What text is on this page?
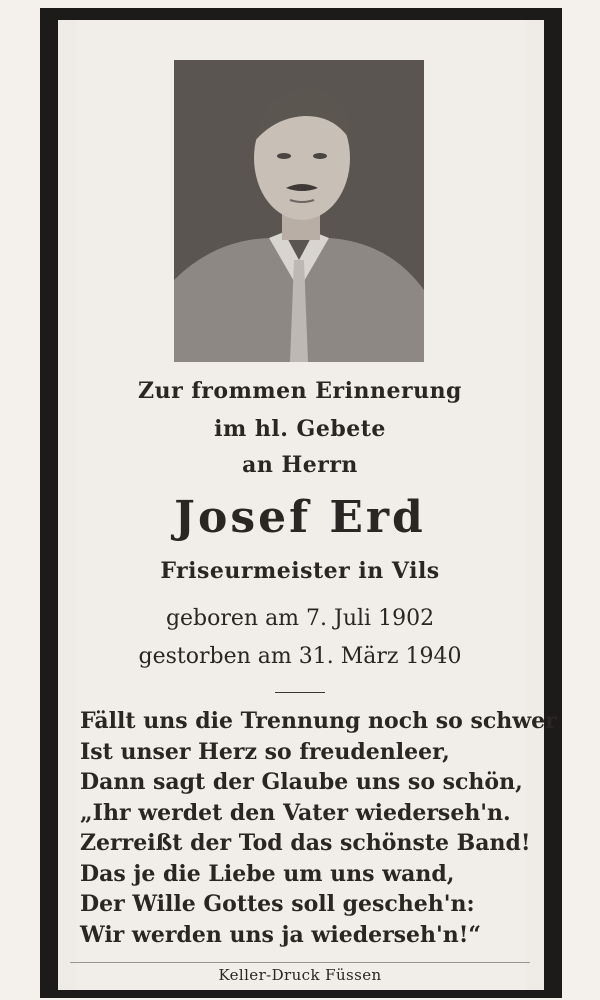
Zur frommen Erinnerung
im hl. Gebete
an Herrn
Josef Erd
Friseurmeister in Vils
geboren am 7. Juli 1902
gestorben am 31. März 1940
Fällt uns die Trennung noch so schwer
Ist unser Herz so freudenleer,
Dann sagt der Glaube uns so schön,
„Ihr werdet den Vater wiederseh'n.
Zerreißt der Tod das schönste Band!
Das je die Liebe um uns wand,
Der Wille Gottes soll gescheh'n:
Wir werden uns ja wiederseh'n!“
Keller-Druck Füssen
